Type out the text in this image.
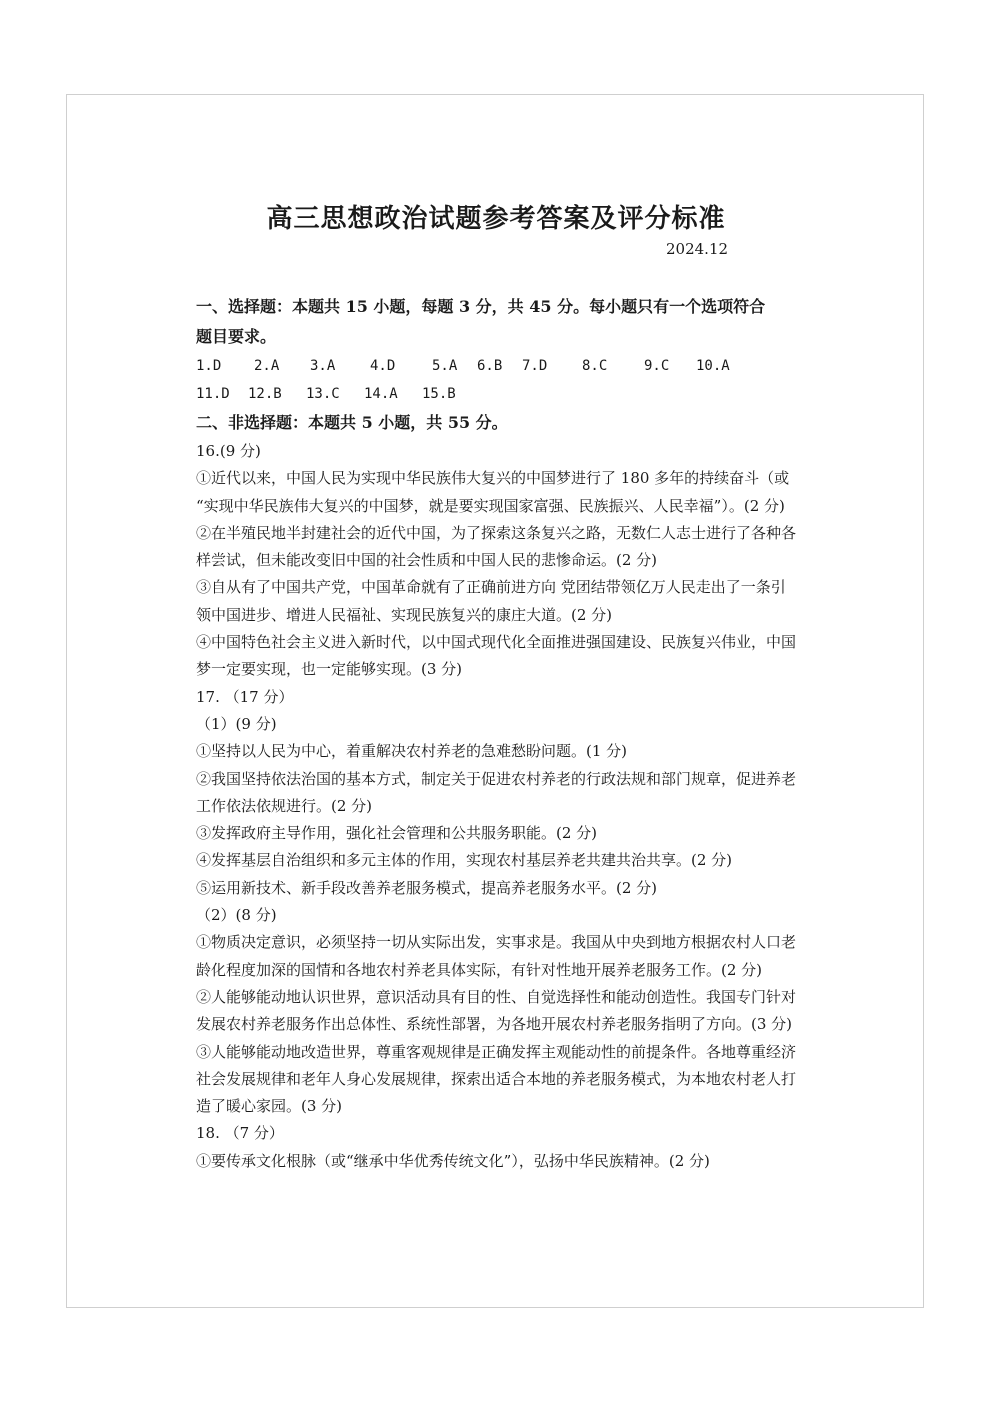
高三思想政治试题参考答案及评分标准

2024.12

一、选择题：本题共 15 小题，每题 3 分，共 45 分。每小题只有一个选项符合

题目要求。

1.D	2.A	3.A	4.D	5.A	6.B	7.D	8.C	9.C	10.A
11.D	12.B	13.C	14.A	15.B

二、非选择题：本题共 5 小题，共 55 分。

16.(9 分)

①近代以来，中国人民为实现中华民族伟大复兴的中国梦进行了 180 多年的持续奋斗（或

“实现中华民族伟大复兴的中国梦，就是要实现国家富强、民族振兴、人民幸福”）。(2 分)

②在半殖民地半封建社会的近代中国，为了探索这条复兴之路，无数仁人志士进行了各种各

样尝试，但未能改变旧中国的社会性质和中国人民的悲惨命运。(2 分)

③自从有了中国共产党，中国革命就有了正确前进方向 党团结带领亿万人民走出了一条引

领中国进步、增进人民福祉、实现民族复兴的康庄大道。(2 分)

④中国特色社会主义进入新时代，以中国式现代化全面推进强国建设、民族复兴伟业，中国

梦一定要实现，也一定能够实现。(3 分)

17. （17 分）

（1）(9 分)

①坚持以人民为中心，着重解决农村养老的急难愁盼问题。(1 分)

②我国坚持依法治国的基本方式，制定关于促进农村养老的行政法规和部门规章，促进养老

工作依法依规进行。(2 分)

③发挥政府主导作用，强化社会管理和公共服务职能。(2 分)

④发挥基层自治组织和多元主体的作用，实现农村基层养老共建共治共享。(2 分)

⑤运用新技术、新手段改善养老服务模式，提高养老服务水平。(2 分)

（2）(8 分)

①物质决定意识，必须坚持一切从实际出发，实事求是。我国从中央到地方根据农村人口老

龄化程度加深的国情和各地农村养老具体实际，有针对性地开展养老服务工作。(2 分)

②人能够能动地认识世界，意识活动具有目的性、自觉选择性和能动创造性。我国专门针对

发展农村养老服务作出总体性、系统性部署，为各地开展农村养老服务指明了方向。(3 分)

③人能够能动地改造世界，尊重客观规律是正确发挥主观能动性的前提条件。各地尊重经济

社会发展规律和老年人身心发展规律，探索出适合本地的养老服务模式，为本地农村老人打

造了暖心家园。(3 分)

18. （7 分）

①要传承文化根脉（或“继承中华优秀传统文化”），弘扬中华民族精神。(2 分)
